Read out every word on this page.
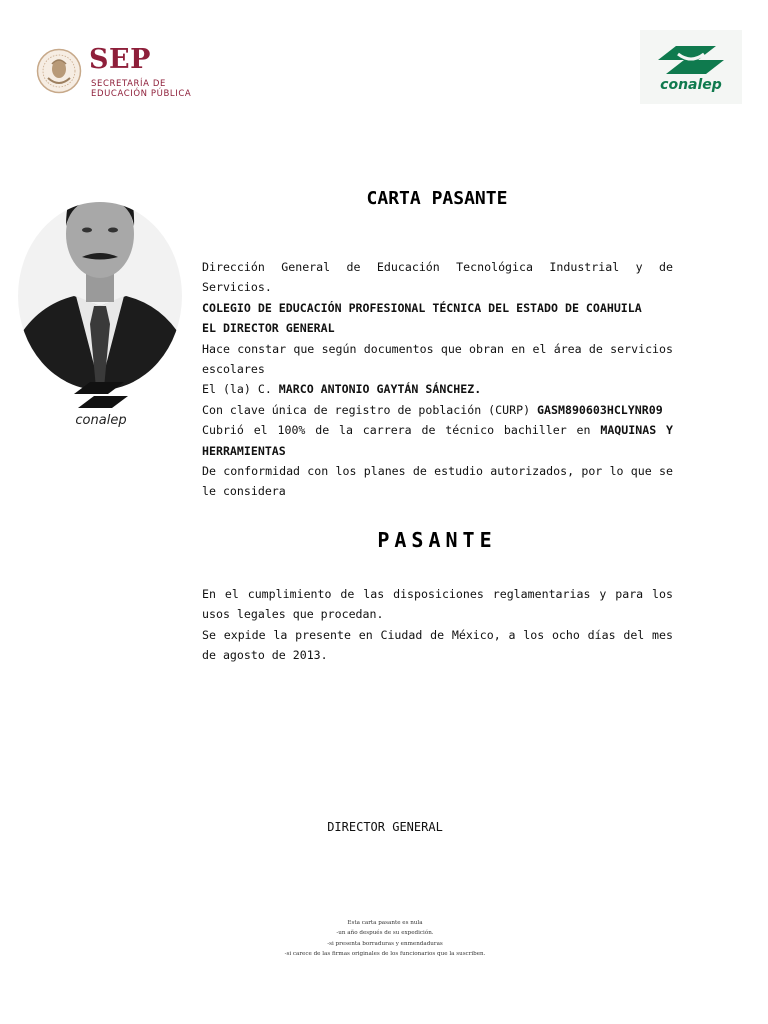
SEP
SECRETARÍA DE
EDUCACIÓN PÚBLICA
conalep
conalep
CARTA PASANTE

Dirección General de Educación Tecnológica Industrial y de Servicios.

COLEGIO DE EDUCACIÓN PROFESIONAL TÉCNICA DEL ESTADO DE COAHUILA

EL DIRECTOR GENERAL

Hace constar que según documentos que obran en el área de servicios escolares

El (la) C. MARCO ANTONIO GAYTÁN SÁNCHEZ.

Con clave única de registro de población (CURP) GASM890603HCLYNR09

Cubrió el 100% de la carrera de técnico bachiller en MAQUINAS Y HERRAMIENTAS

De conformidad con los planes de estudio autorizados, por lo que se le considera

PASANTE

En el cumplimiento de las disposiciones reglamentarias y para los usos legales que procedan.

Se expide la presente en Ciudad de México, a los ocho días del mes de agosto de 2013.

DIRECTOR GENERAL
Esta carta pasante es nula
-un año después de su expedición.
-si presenta borraduras y enmendaduras
-si carece de las firmas originales de los funcionarios que la suscriben.
